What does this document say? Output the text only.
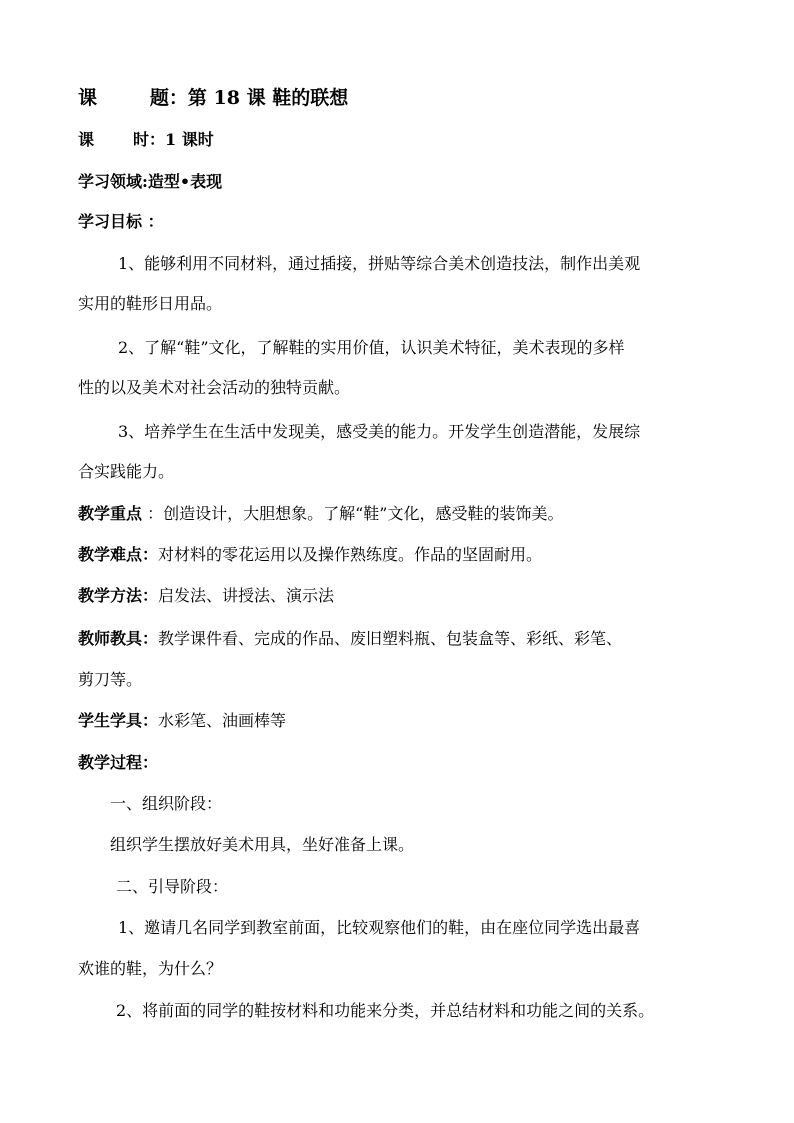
课        题：第 18 课 鞋的联想
课       时：1 课时
学习领域:造型•表现
学习目标 ：
1、能够利用不同材料，通过插接，拼贴等综合美术创造技法，制作出美观
实用的鞋形日用品。
2、了解“鞋”文化，了解鞋的实用价值，认识美术特征，美术表现的多样
性的以及美术对社会活动的独特贡献。
3、培养学生在生活中发现美，感受美的能力。开发学生创造潜能，发展综
合实践能力。
教学重点 ：创造设计，大胆想象。了解“鞋”文化，感受鞋的装饰美。
教学难点：对材料的零花运用以及操作熟练度。作品的坚固耐用。
教学方法：启发法、讲授法、演示法
教师教具：教学课件看、完成的作品、废旧塑料瓶、包装盒等、彩纸、彩笔、
剪刀等。
学生学具：水彩笔、油画棒等
教学过程：
一、组织阶段：
组织学生摆放好美术用具，坐好准备上课。
二、引导阶段：
1、邀请几名同学到教室前面，比较观察他们的鞋，由在座位同学选出最喜
欢谁的鞋，为什么？
2、将前面的同学的鞋按材料和功能来分类，并总结材料和功能之间的关系。
